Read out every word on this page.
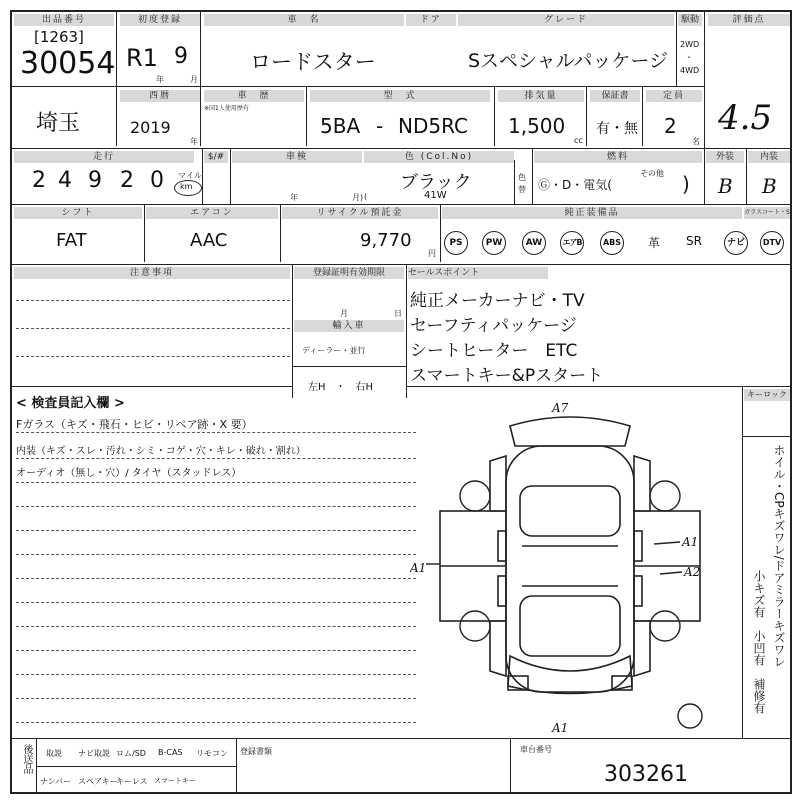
出品番号
[1263]
30054
初度登録
R1 9
年	月
車　名
ロードスター
ドア	グレード
Sスペシャルパッケージ
駆動
2WD
・
4WD
評価点
4.5
埼玉
西暦
2019
年
車　歴
※国1人使用歴有
型　式
5BA - ND5RC
排気量
1,500
cc
保証書
有・無
定員
2
名
走行
2 4 9 2 0 マイル
km
$/#	車検
年	月) (
色 (Col.No)
ブラック
41W
色替
燃料
Ⓖ・D・電気(
その他 )
外装
B
内装
B
シフト
FAT
エアコン
AAC
リサイクル預託金
9,770
円
純正装備品	ガラスコート・S
PS	PW	AW	エアB	ABS 革 SR	ナビ	DTV
注意事項	登録証明有効期限
月	日
輸入車
ディーラー・並行
左H　・　右H
セールスポイント
純正メーカーナビ・TV
セーフティパッケージ
シートヒーター　ETC
スマートキー&Pスタート
< 検査員記入欄 >
Fガラス（キズ・飛石・ヒビ・リペア跡・X 要）
内装（キズ・スレ・汚れ・シミ・コゲ・穴・キレ・破れ・割れ）
オーディオ（無し・穴）/ タイヤ（スタッドレス）
キーロック
ホイル・CPキズワレ/ドアミラーキズワレ
小キズ有　小凹有　補修有
A7
A1
A1
A2
A1
後送品 取説 ナビ取説 ロム/SD B-CAS リモコン
ナンバー スペアキー
キーレス スマートキー
登録書類	車台番号
303261
